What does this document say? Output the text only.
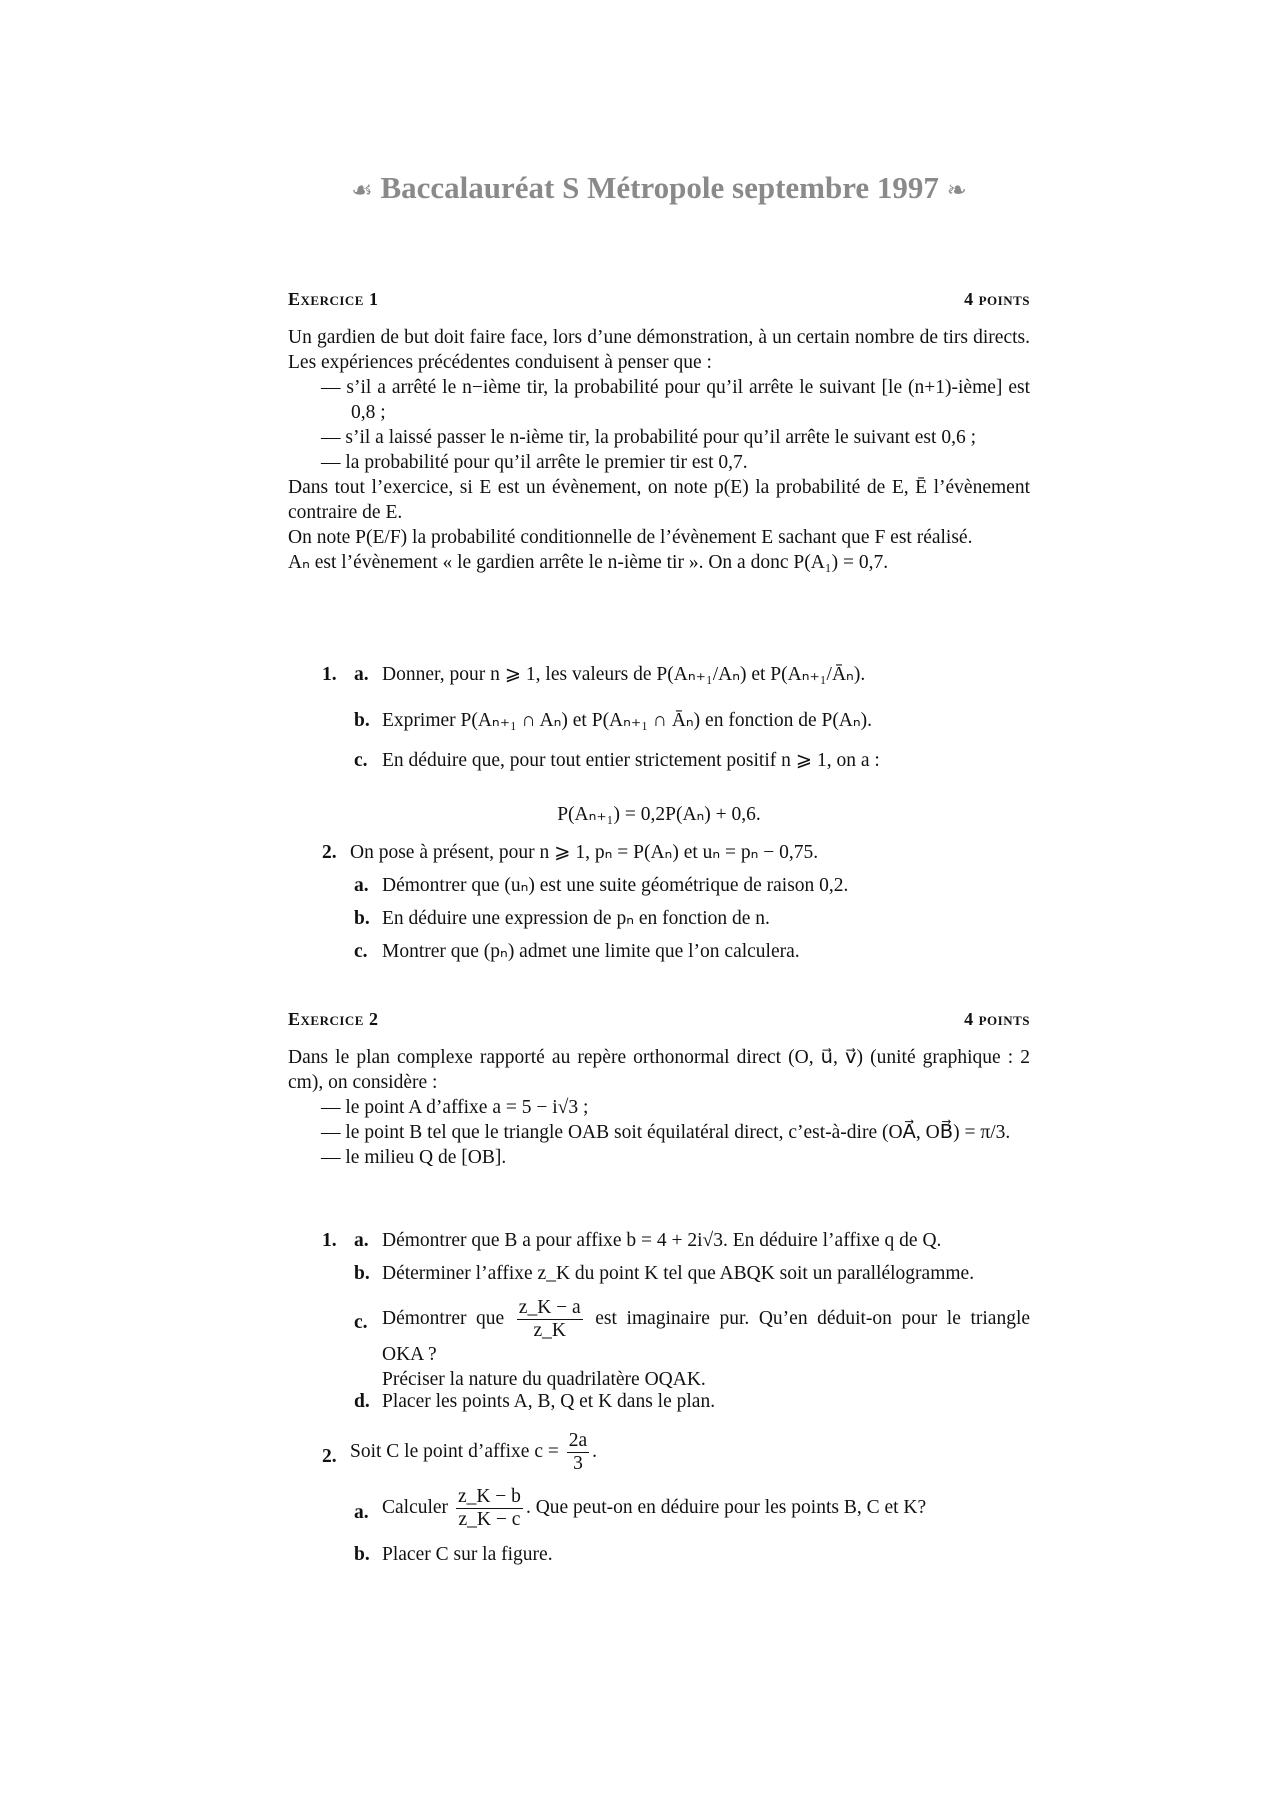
☙ Baccalauréat S Métropole septembre 1997 ❧
Exercice 1	4 points

Un gardien de but doit faire face, lors d’une démonstration, à un certain nombre de tirs directs. Les expériences précédentes conduisent à penser que :

— s’il a arrêté le n−ième tir, la probabilité pour qu’il arrête le suivant [le (n+1)-ième] est 0,8 ;

— s’il a laissé passer le n-ième tir, la probabilité pour qu’il arrête le suivant est 0,6 ;

— la probabilité pour qu’il arrête le premier tir est 0,7.

Dans tout l’exercice, si E est un évènement, on note p(E) la probabilité de E, Ē l’évènement contraire de E.

On note P(E/F) la probabilité conditionnelle de l’évènement E sachant que F est réalisé.

Aₙ est l’évènement « le gardien arrête le n-ième tir ». On a donc P(A₁) = 0,7.

1. a. Donner, pour n ⩾ 1, les valeurs de P(Aₙ₊₁/Aₙ) et P(Aₙ₊₁/Āₙ).
b. Exprimer P(Aₙ₊₁ ∩ Aₙ) et P(Aₙ₊₁ ∩ Āₙ) en fonction de P(Aₙ).
c. En déduire que, pour tout entier strictement positif n ⩾ 1, on a :
P(Aₙ₊₁) = 0,2P(Aₙ) + 0,6.
2. On pose à présent, pour n ⩾ 1, pₙ = P(Aₙ) et uₙ = pₙ − 0,75.
a. Démontrer que (uₙ) est une suite géométrique de raison 0,2.
b. En déduire une expression de pₙ en fonction de n.
c. Montrer que (pₙ) admet une limite que l’on calculera.
Exercice 2	4 points

Dans le plan complexe rapporté au repère orthonormal direct (O, u⃗, v⃗) (unité graphique : 2 cm), on considère :

— le point A d’affixe a = 5 − i√3 ;

— le point B tel que le triangle OAB soit équilatéral direct, c’est-à-dire (OA⃗, OB⃗) = π/3.

— le milieu Q de [OB].

1. a. Démontrer que B a pour affixe b = 4 + 2i√3. En déduire l’affixe q de Q.
b. Déterminer l’affixe z_K du point K tel que ABQK soit un parallélogramme.
c. Démontrer que $\frac{z\_K - a}{z\_K}$ est imaginaire pur. Qu’en déduit-on pour le triangle OKA ?
Préciser la nature du quadrilatère OQAK.
d. Placer les points A, B, Q et K dans le plan.
2. Soit C le point d’affixe $c = \frac{2a}{3}$ .
a. Calculer $\frac{z\_K - b}{z\_K - c}$ . Que peut-on en déduire pour les points B, C et K?
b. Placer C sur la figure.
